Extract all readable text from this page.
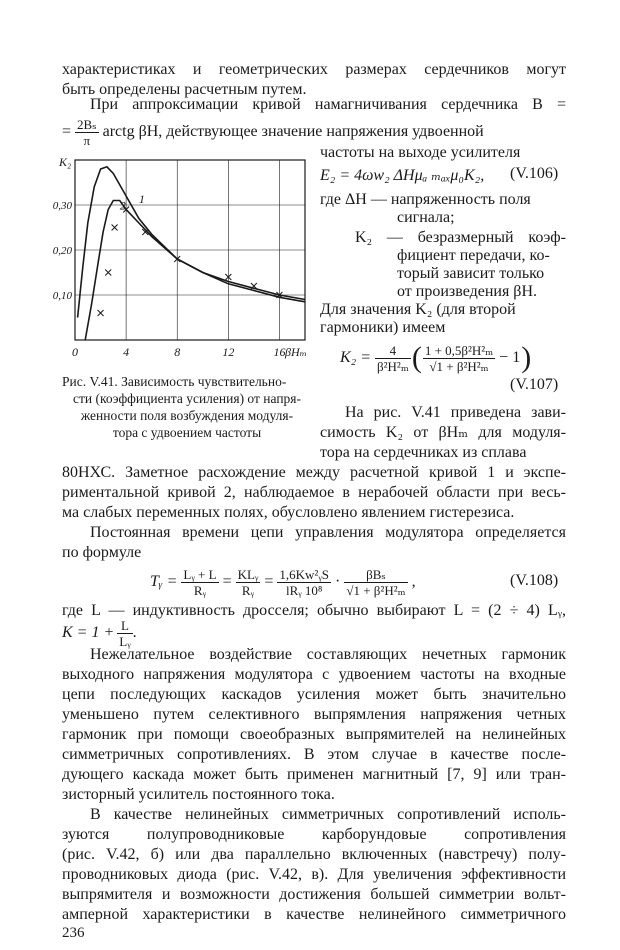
характеристиках и геометрических размерах сердечников могут
быть определены расчетным путем.
При аппроксимации кривой намагничивания сердечника B =
= $\frac{\text{2Bₛ}}{\pi}$ arctg βH, действующее значение напряжения удвоенной
частоты на выходе усилителя
E₂ = 4ωw₂ ΔHμₐ ₘₐₓμ₀K₂, (V.106)
где ΔH — напряженность поля
сигнала;
K₂ — безразмерный коэф-
фициент передачи, ко-
торый зависит только
от произведения βH.
Для значения K₂ (для второй
гармоники) имеем
$K_2 = \frac{4}{\text{β²H²ₘ}}$ ( $\frac{\text{1 + 0,5β²H²ₘ}}{\text{√1 + β²H²ₘ}} - 1$ )
(V.107)
0	4	8	12	16
0,10
0,20
0,30
K₂
βHₘ
1
2
Рис. V.41. Зависимость чувствительно-
сти (коэффициента усиления) от напря-
женности поля возбуждения модуля-
тора с удвоением частоты
На рис. V.41 приведена зави-
симость K₂ от βHₘ для модуля-
тора на сердечниках из сплава
80НХС. Заметное расхождение между расчетной кривой 1 и экспе-
риментальной кривой 2, наблюдаемое в нерабочей области при весь-
ма слабых переменных полях, обусловлено явлением гистерезиса.
Постоянная времени цепи управления модулятора определяется
по формуле
Tᵧ = $\frac{\text{Lᵧ + L}}{\text{Rᵧ}} = \frac{\text{KLᵧ}}{\text{Rᵧ}} = \frac{\text{1,6Kw²ᵧS}}{\text{lRᵧ 10⁸}} \cdot \frac{\text{βBₛ}}{\text{√1 + β²H²ₘ}}$ ,	(V.108)
где L — индуктивность дросселя; обычно выбирают L = (2 ÷ 4) Lᵧ,
$K = 1 + \frac{L}{\text{Lᵧ}}$ .
Нежелательное воздействие составляющих нечетных гармоник
выходного напряжения модулятора с удвоением частоты на входные
цепи последующих каскадов усиления может быть значительно
уменьшено путем селективного выпрямления напряжения четных
гармоник при помощи своеобразных выпрямителей на нелинейных
симметричных сопротивлениях. В этом случае в качестве после-
дующего каскада может быть применен магнитный [7, 9] или тран-
зисторный усилитель постоянного тока.
В качестве нелинейных симметричных сопротивлений исполь-
зуются полупроводниковые карборундовые сопротивления
(рис. V.42, б) или два параллельно включенных (навстречу) полу-
проводниковых диода (рис. V.42, в). Для увеличения эффективности
выпрямителя и возможности достижения большей симметрии вольт-
амперной характеристики в качестве нелинейного симметричного
236
